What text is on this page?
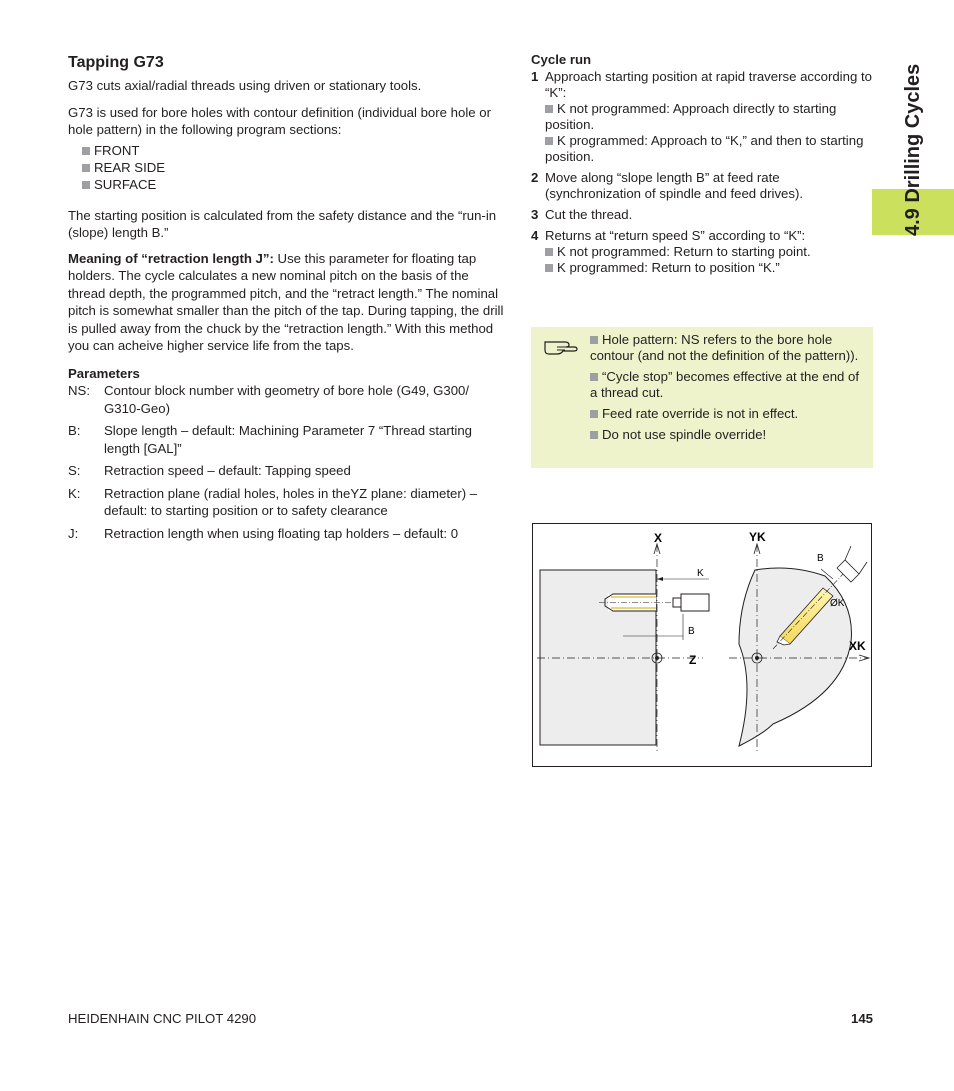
4.9 Drilling Cycles
Tapping G73

G73 cuts axial/radial threads using driven or stationary tools.

G73 is used for bore holes with contour definition (individual bore hole or hole pattern) in the following program sections:

FRONT
REAR SIDE
SURFACE

The starting position is calculated from the safety distance and the “run-in (slope) length B.”

Meaning of “retraction length J”: Use this parameter for floating tap holders. The cycle calculates a new nominal pitch on the basis of the thread depth, the programmed pitch, and the “retract length.” The nominal pitch is somewhat smaller than the pitch of the tap. During tapping, the drill is pulled away from the chuck by the “retraction length.” With this method you can acheive higher service life from the taps.

Parameters

NS: Contour block number with geometry of bore hole (G49, G300/ G310-Geo)
B: Slope length – default: Machining Parameter 7 “Thread starting length [GAL]”
S: Retraction speed – default: Tapping speed
K: Retraction plane (radial holes, holes in theYZ plane: diameter) – default: to starting position or to safety clearance
J: Retraction length when using floating tap holders – default: 0

Cycle run

1 Approach starting position at rapid traverse according to “K”:
K not programmed: Approach directly to starting position.
K programmed: Approach to “K,” and then to starting position.
2 Move along “slope length B” at feed rate (synchronization of spindle and feed drives).
3 Cut the thread.
4 Returns at “return speed S” according to “K”:
K not programmed: Return to starting point.
K programmed: Return to position “K.”
Hole pattern: NS refers to the bore hole contour (and not the definition of the pattern)).
“Cycle stop” becomes effective at the end of a thread cut.
Feed rate override is not in effect.
Do not use spindle override!
X
Z
K
B
YK
XK
B
ØK
HEIDENHAIN CNC PILOT 4290	145
